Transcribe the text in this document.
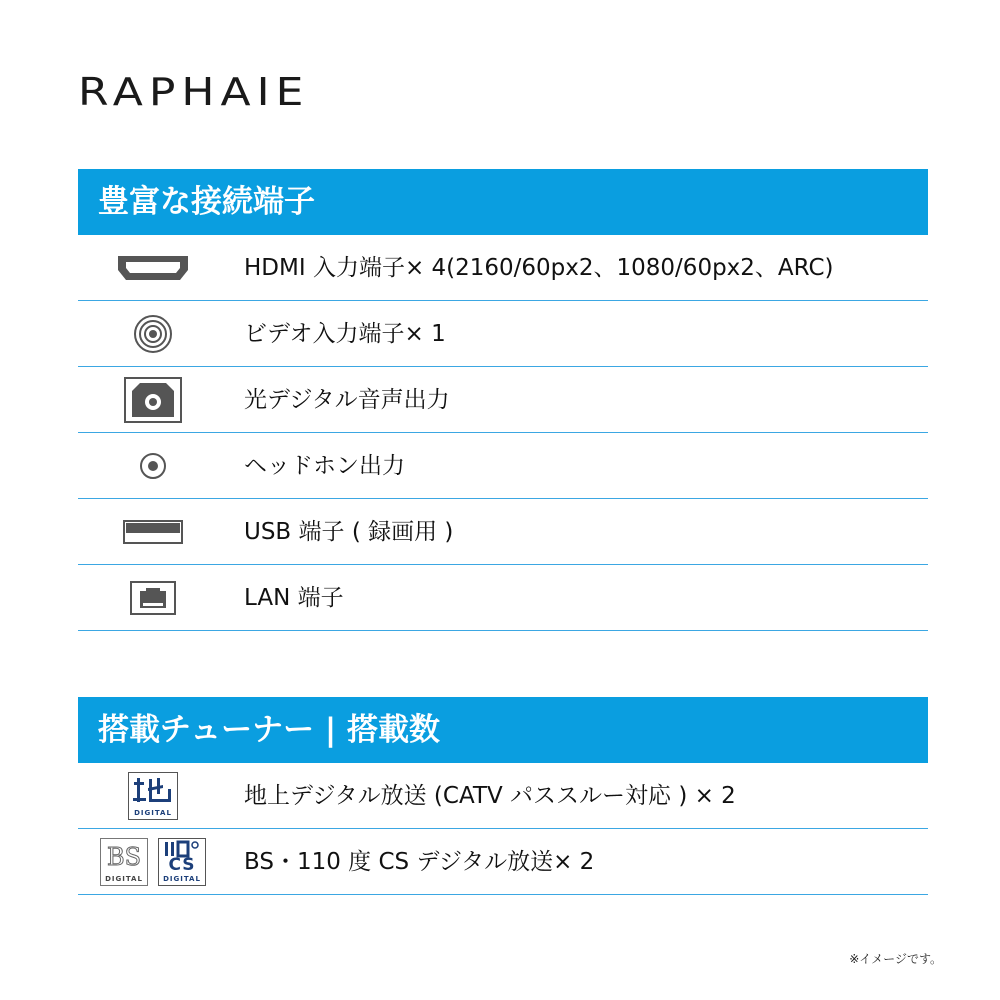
RAPHAIE
豊富な接続端子
HDMI 入力端子× 4(2160/60px2、1080/60px2、ARC)
ビデオ入力端子× 1
光デジタル音声出力
ヘッドホン出力
USB 端子 ( 録画用 )
LAN 端子
搭載チューナー | 搭載数
DIGITAL
地上デジタル放送 (CATV パススルー対応 ) × 2
BS
DIGITAL
CS
DIGITAL
BS・110 度 CS デジタル放送× 2
※イメージです。
